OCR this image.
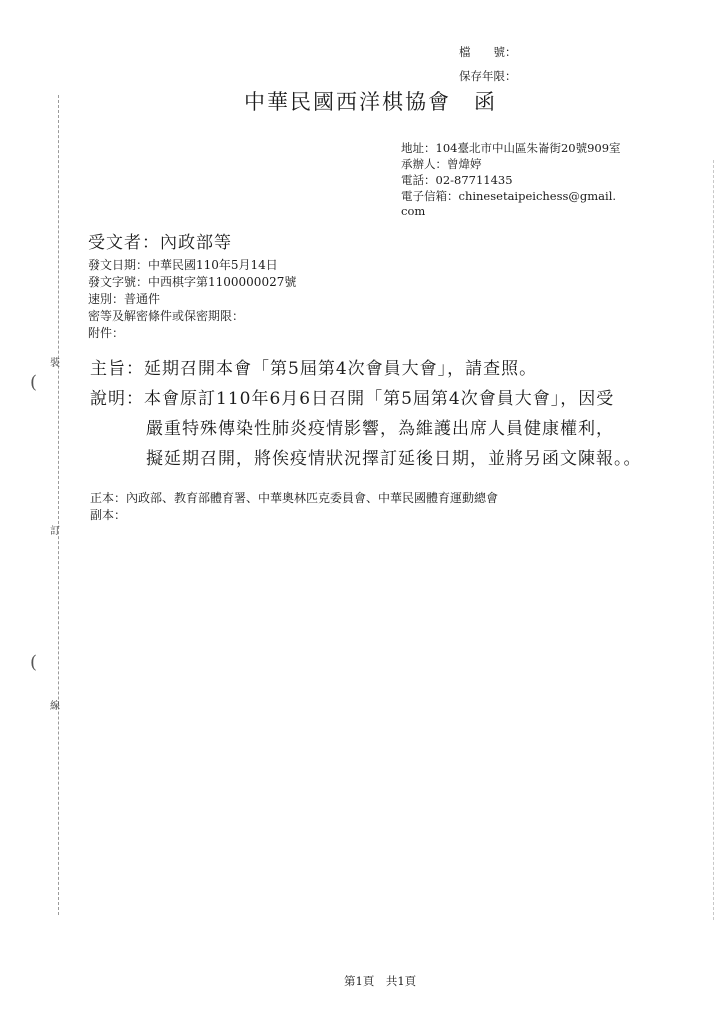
裝
訂
線
(
(
檔　　號：
保存年限：
中華民國西洋棋協會　函
地址：104臺北市中山區朱崙街20號909室
承辦人：曾煒婷
電話：02-87711435
電子信箱：chinesetaipeichess@gmail.
com
受文者：內政部等
發文日期：中華民國110年5月14日
發文字號：中西棋字第1100000027號
速別：普通件
密等及解密條件或保密期限：
附件：
主旨：延期召開本會「第5屆第4次會員大會」，請查照。
說明：本會原訂110年6月6日召開「第5屆第4次會員大會」，因受
嚴重特殊傳染性肺炎疫情影響，為維護出席人員健康權利，
擬延期召開，將俟疫情狀況擇訂延後日期，並將另函文陳報。。
正本：內政部、教育部體育署、中華奧林匹克委員會、中華民國體育運動總會
副本：
第1頁　共1頁
